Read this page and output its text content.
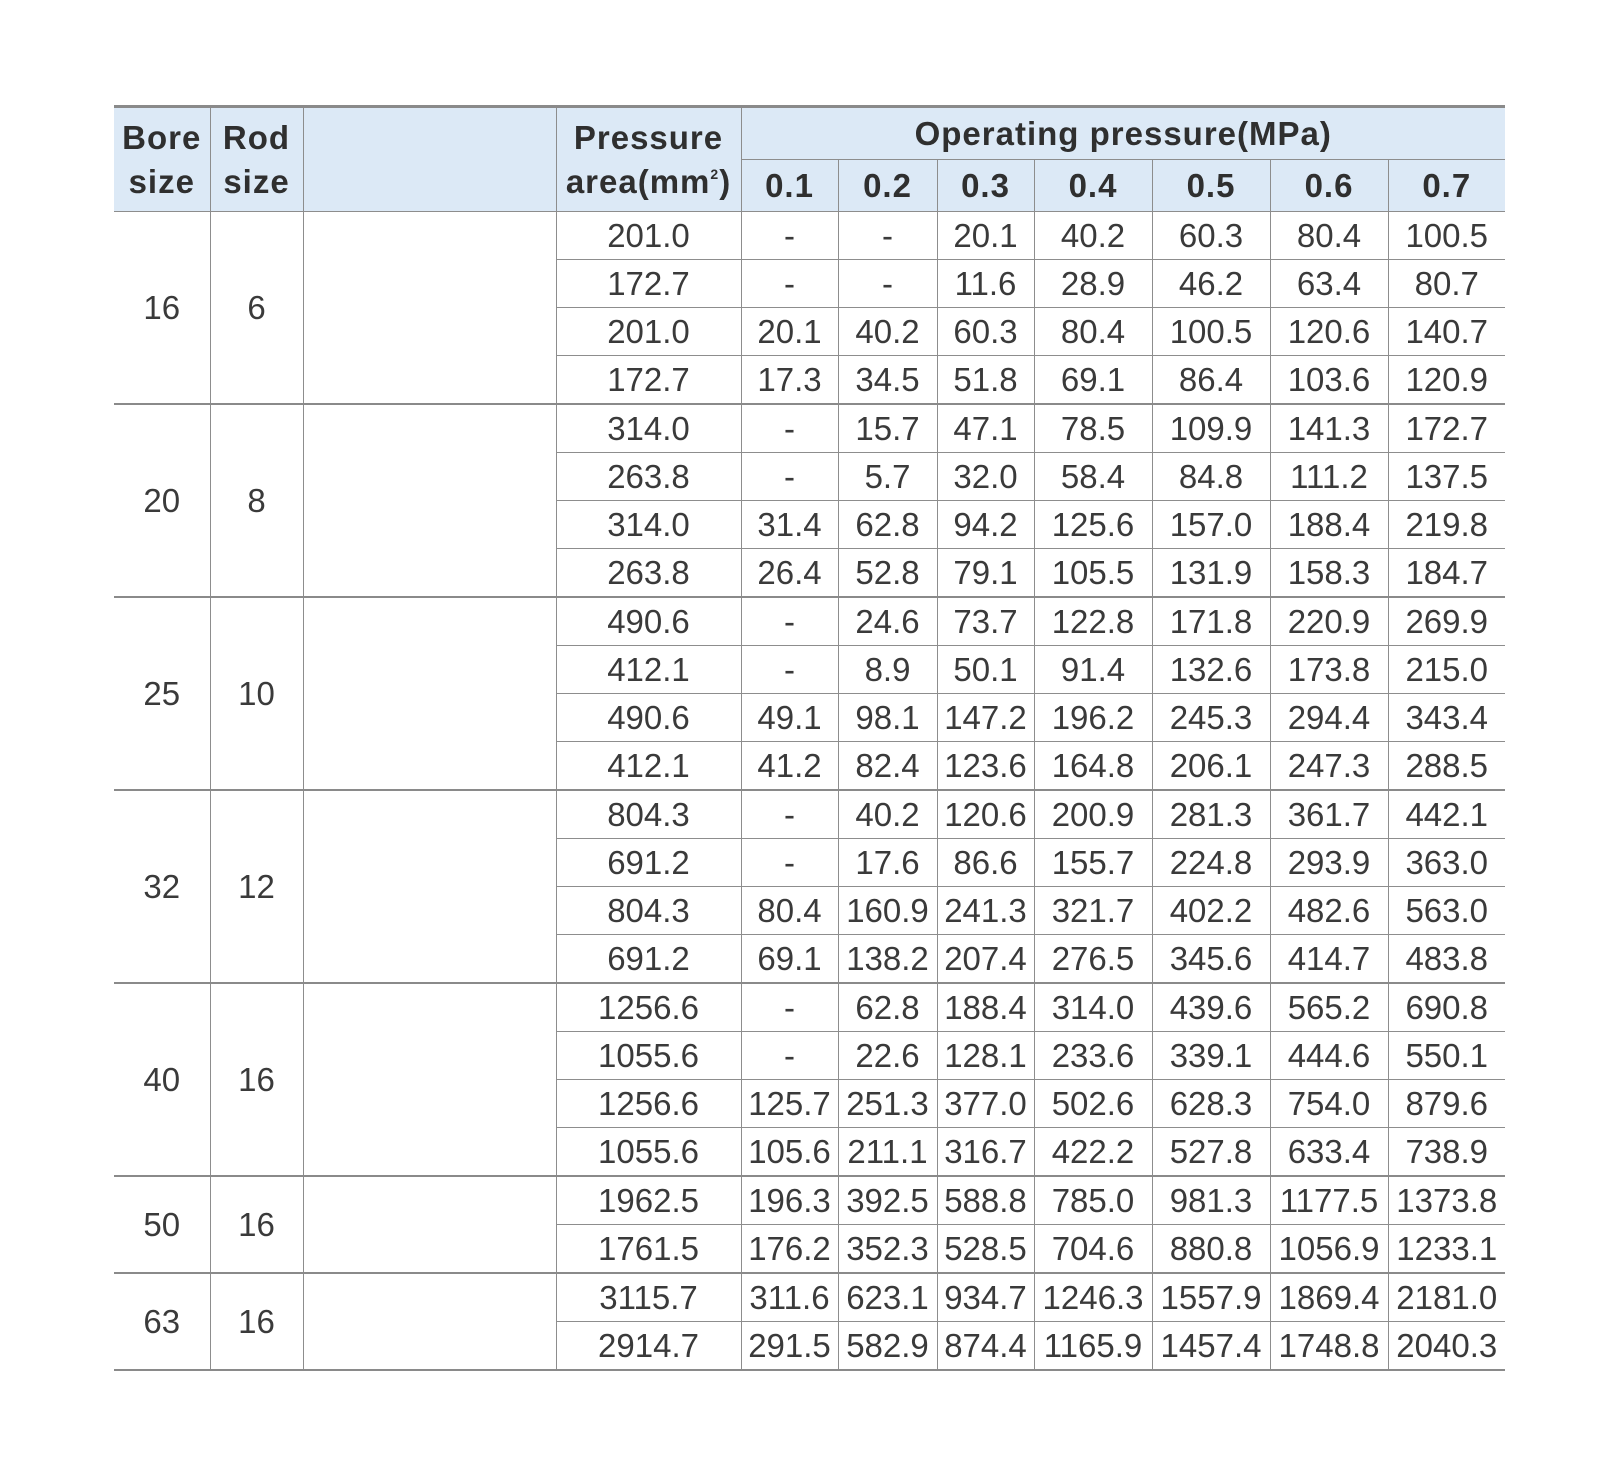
Bore
size	Rod
size		Pressure
$area(mm^2)$	Operating pressure(MPa)						
				0.1	0.2	0.3	0.4	0.5	0.6	0.7
16	6		201.0	-	-	20.1	40.2	60.3	80.4	100.5
			172.7	-	-	11.6	28.9	46.2	63.4	80.7
			201.0	20.1	40.2	60.3	80.4	100.5	120.6	140.7
			172.7	17.3	34.5	51.8	69.1	86.4	103.6	120.9
20	8		314.0	-	15.7	47.1	78.5	109.9	141.3	172.7
			263.8	-	5.7	32.0	58.4	84.8	111.2	137.5
			314.0	31.4	62.8	94.2	125.6	157.0	188.4	219.8
			263.8	26.4	52.8	79.1	105.5	131.9	158.3	184.7
25	10		490.6	-	24.6	73.7	122.8	171.8	220.9	269.9
			412.1	-	8.9	50.1	91.4	132.6	173.8	215.0
			490.6	49.1	98.1	147.2	196.2	245.3	294.4	343.4
			412.1	41.2	82.4	123.6	164.8	206.1	247.3	288.5
32	12		804.3	-	40.2	120.6	200.9	281.3	361.7	442.1
			691.2	-	17.6	86.6	155.7	224.8	293.9	363.0
			804.3	80.4	160.9	241.3	321.7	402.2	482.6	563.0
			691.2	69.1	138.2	207.4	276.5	345.6	414.7	483.8
40	16		1256.6	-	62.8	188.4	314.0	439.6	565.2	690.8
			1055.6	-	22.6	128.1	233.6	339.1	444.6	550.1
			1256.6	125.7	251.3	377.0	502.6	628.3	754.0	879.6
			1055.6	105.6	211.1	316.7	422.2	527.8	633.4	738.9
50	16		1962.5	196.3	392.5	588.8	785.0	981.3	1177.5	1373.8
			1761.5	176.2	352.3	528.5	704.6	880.8	1056.9	1233.1
63	16		3115.7	311.6	623.1	934.7	1246.3	1557.9	1869.4	2181.0
			2914.7	291.5	582.9	874.4	1165.9	1457.4	1748.8	2040.3
